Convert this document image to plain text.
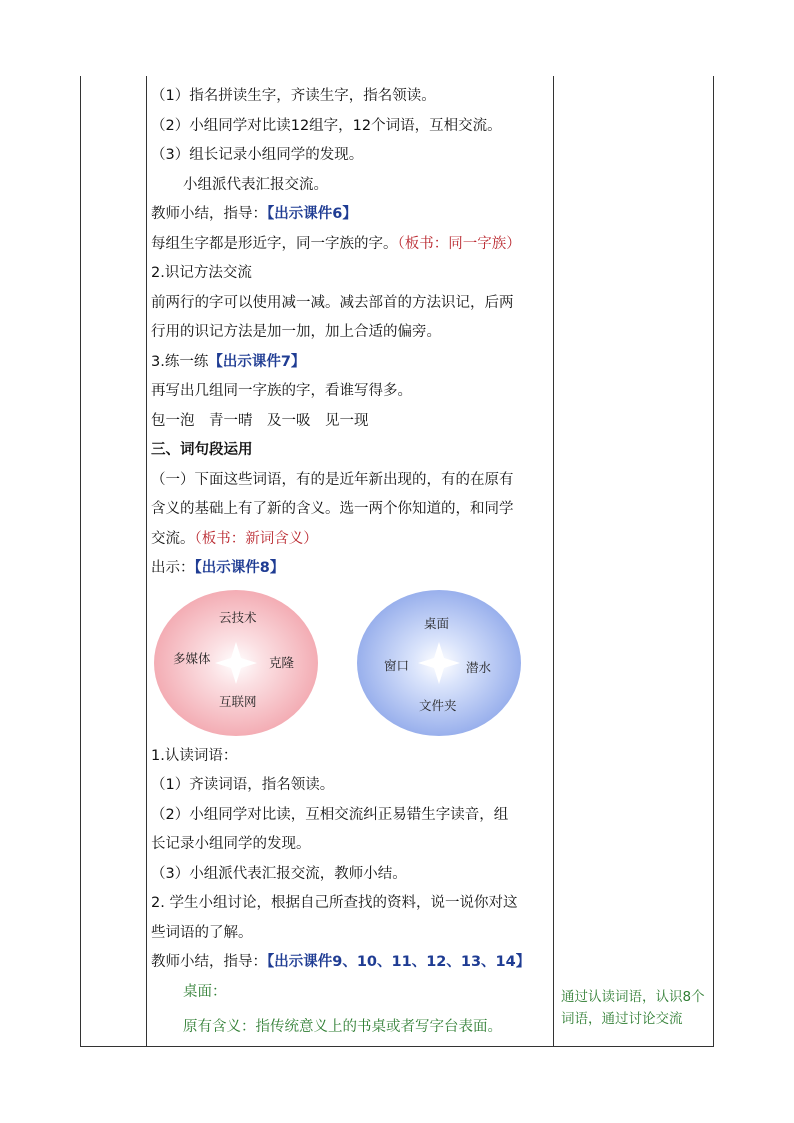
（1）指名拼读生字，齐读生字，指名领读。
（2）小组同学对比读12组字，12个词语，互相交流。
（3）组长记录小组同学的发现。
小组派代表汇报交流。
教师小结，指导：【出示课件6】
每组生字都是形近字，同一字族的字。（板书：同一字族）
2.识记方法交流
前两行的字可以使用减一减。减去部首的方法识记，后两
行用的识记方法是加一加，加上合适的偏旁。
3.练一练【出示课件7】
再写出几组同一字族的字，看谁写得多。
包一泡　青一晴　及一吸　见一现
三、词句段运用
（一）下面这些词语，有的是近年新出现的，有的在原有
含义的基础上有了新的含义。选一两个你知道的，和同学
交流。（板书：新词含义）
出示：【出示课件8】
云技术
多媒体	克隆
互联网
桌面
窗口	潜水
文件夹
1.认读词语：
（1）齐读词语，指名领读。
（2）小组同学对比读，互相交流纠正易错生字读音，组
长记录小组同学的发现。
（3）小组派代表汇报交流，教师小结。
2. 学生小组讨论，根据自己所查找的资料，说一说你对这
些词语的了解。
教师小结，指导：【出示课件9、10、11、12、13、14】
桌面：
原有含义：指传统意义上的书桌或者写字台表面。
通过认读词语，认识8个词语，通过讨论交流
